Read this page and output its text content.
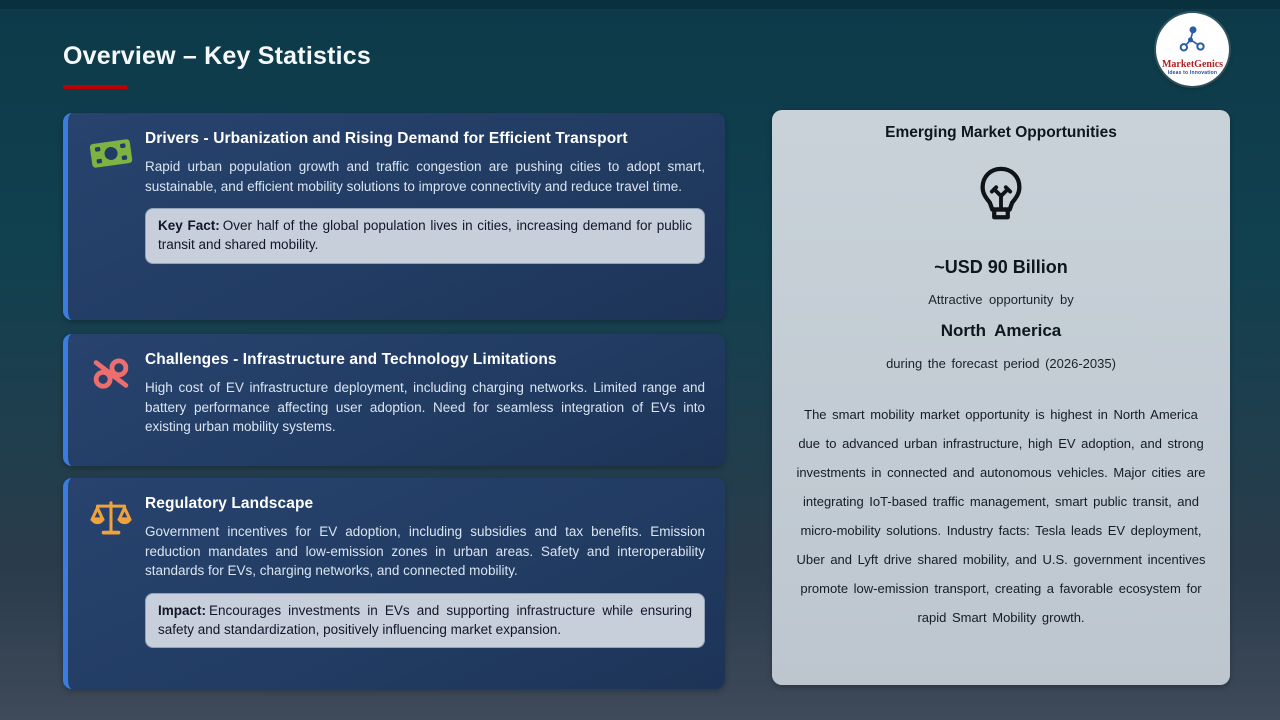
Overview – Key Statistics	MarketGenics
Ideas to Innovation
Drivers - Urbanization and Rising Demand for Efficient Transport
Rapid urban population growth and traffic congestion are pushing cities to adopt smart, sustainable, and efficient mobility solutions to improve connectivity and reduce travel time.
Key Fact: Over half of the global population lives in cities, increasing demand for public transit and shared mobility.
Challenges - Infrastructure and Technology Limitations
High cost of EV infrastructure deployment, including charging networks. Limited range and battery performance affecting user adoption. Need for seamless integration of EVs into existing urban mobility systems.
Regulatory Landscape
Government incentives for EV adoption, including subsidies and tax benefits. Emission reduction mandates and low-emission zones in urban areas. Safety and interoperability standards for EVs, charging networks, and connected mobility.
Impact: Encourages investments in EVs and supporting infrastructure while ensuring safety and standardization, positively influencing market expansion.
Emerging Market Opportunities
~USD 90 Billion
Attractive opportunity by
North America
during the forecast period (2026-2035)
The smart mobility market opportunity is highest in North America due to advanced urban infrastructure, high EV adoption, and strong investments in connected and autonomous vehicles. Major cities are integrating IoT-based traffic management, smart public transit, and micro-mobility solutions. Industry facts: Tesla leads EV deployment, Uber and Lyft drive shared mobility, and U.S. government incentives promote low-emission transport, creating a favorable ecosystem for rapid Smart Mobility growth.
